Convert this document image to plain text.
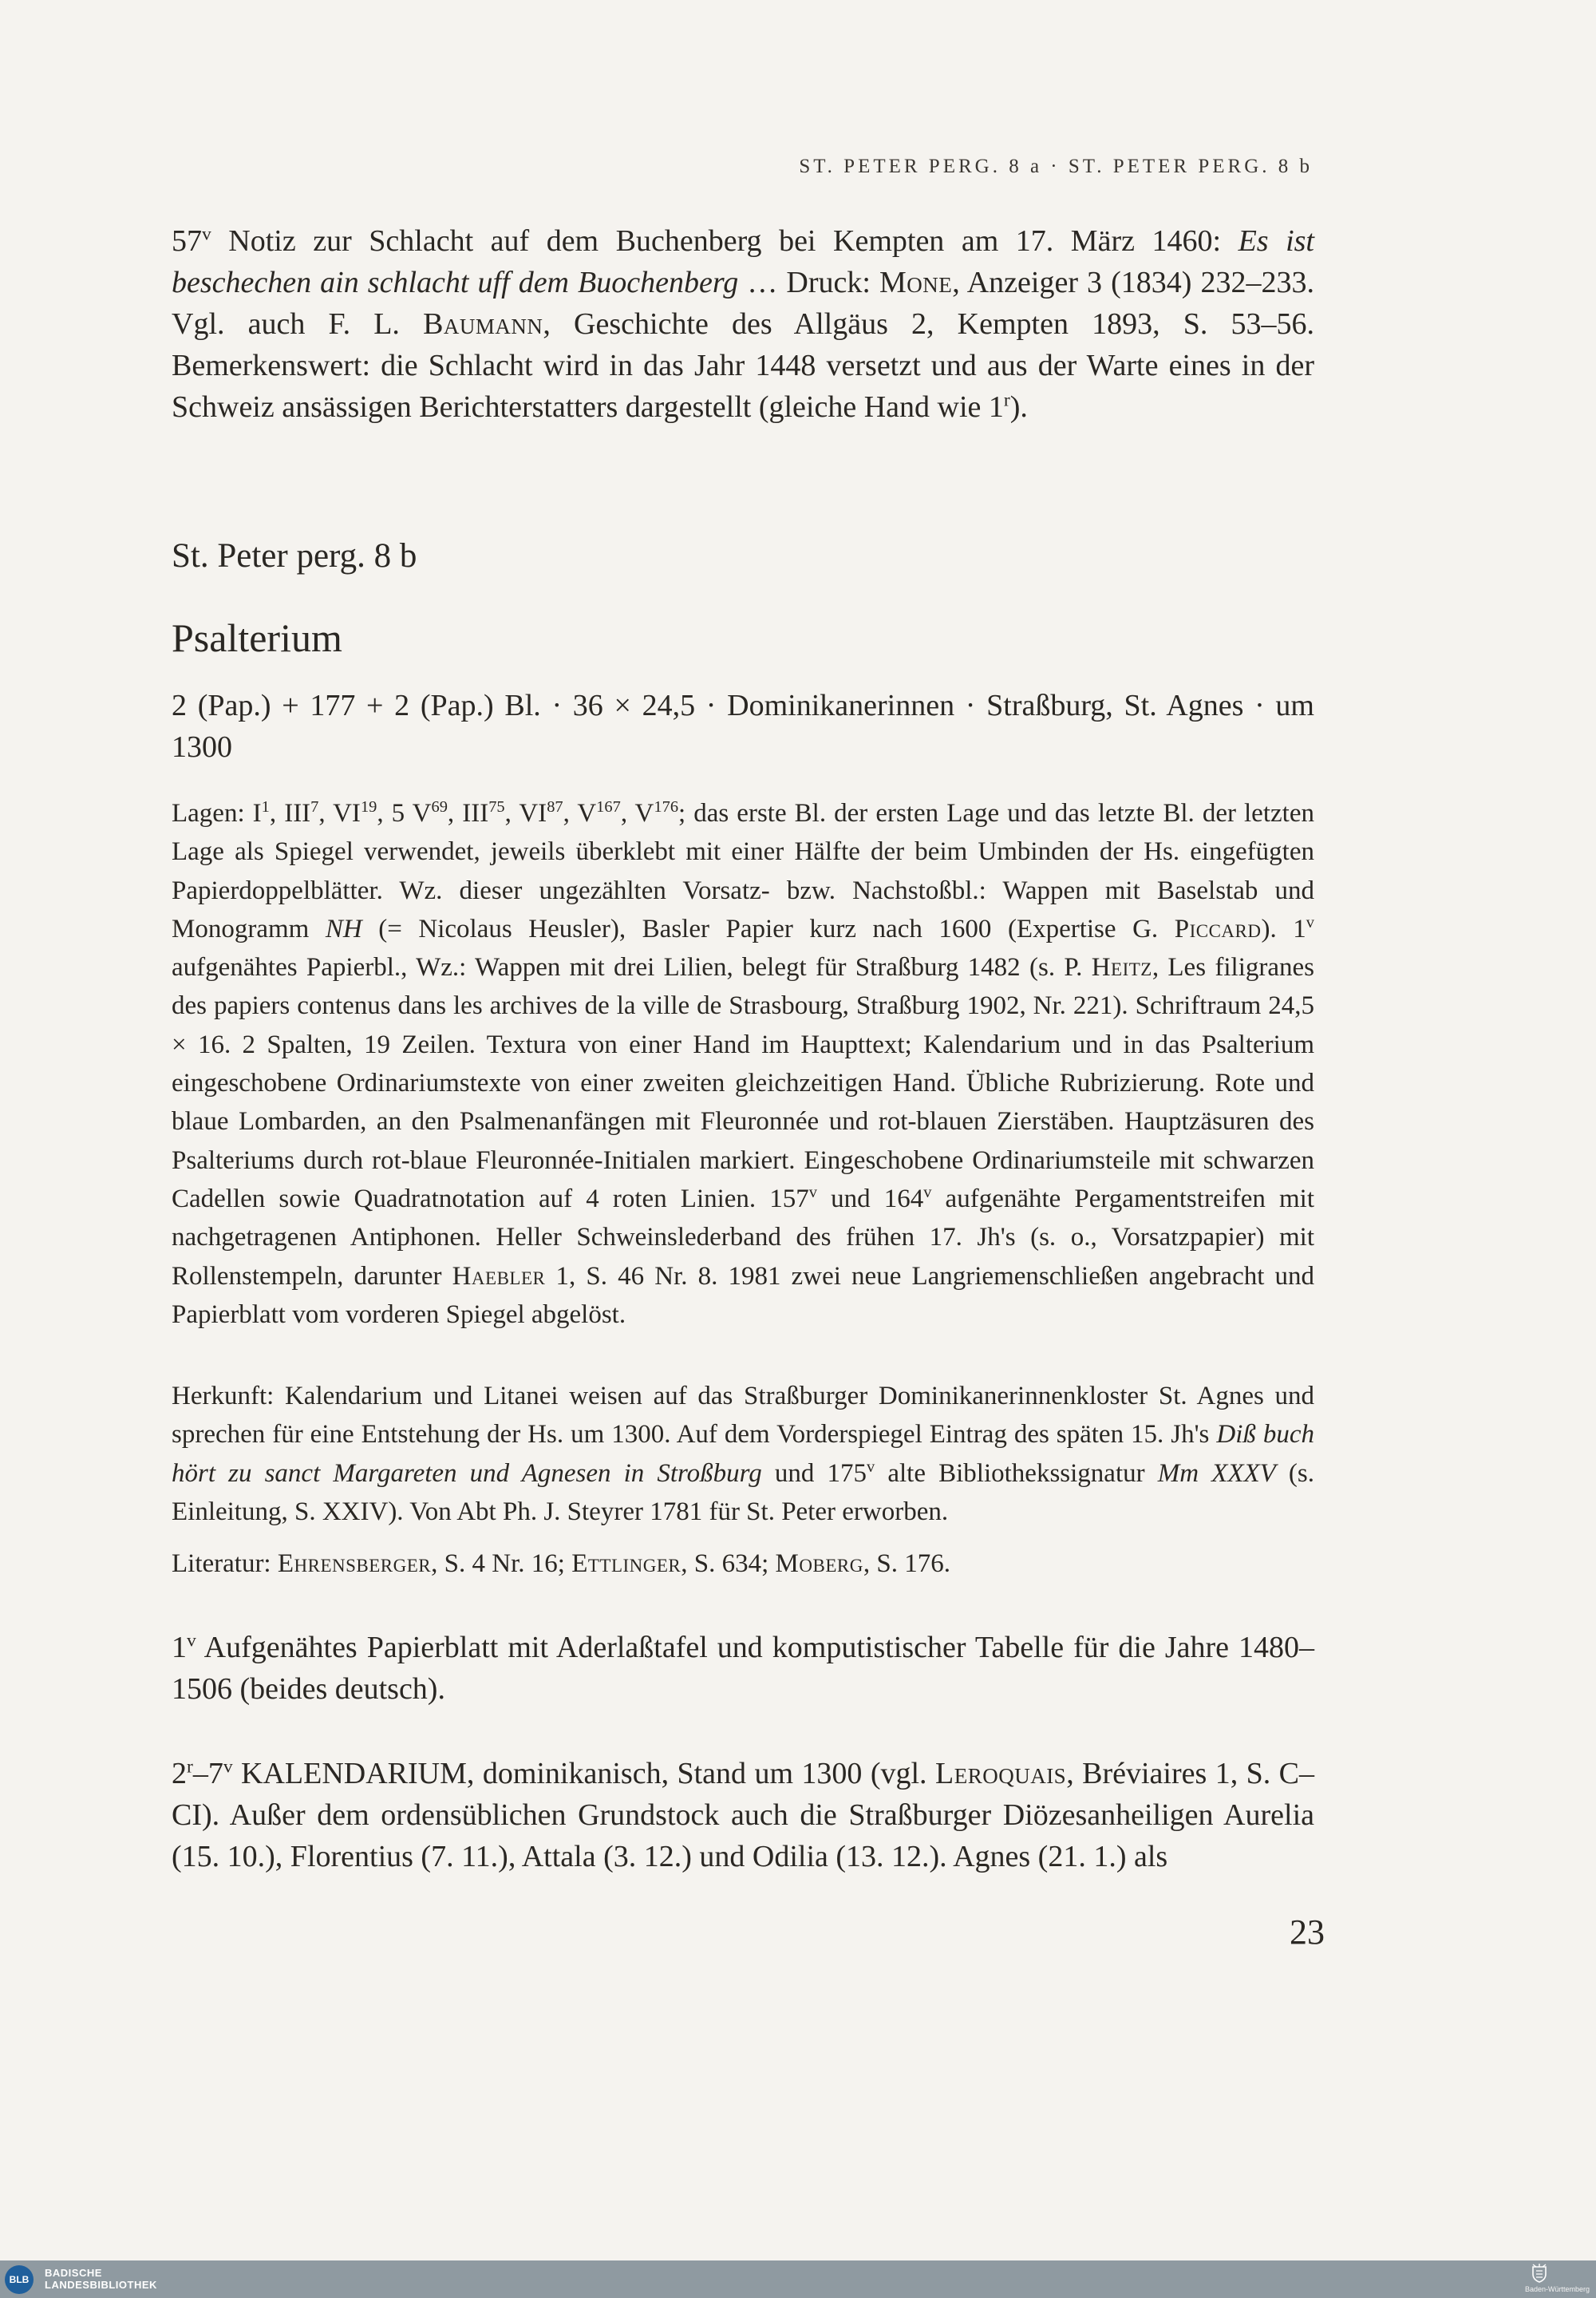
ST. PETER PERG. 8 a · ST. PETER PERG. 8 b
57$^v$ Notiz zur Schlacht auf dem Buchenberg bei Kempten am 17. März 1460: Es ist beschechen ain schlacht uff dem Buochenberg … Druck: Mone, Anzeiger 3 (1834) 232–233. Vgl. auch F. L. Baumann, Geschichte des Allgäus 2, Kempten 1893, S. 53–56. Bemerkenswert: die Schlacht wird in das Jahr 1448 versetzt und aus der Warte eines in der Schweiz ansässigen Berichterstatters dargestellt (gleiche Hand wie 1$^r$).
St. Peter perg. 8 b
Psalterium
2 (Pap.) + 177 + 2 (Pap.) Bl. · 36 × 24,5 · Dominikanerinnen · Straßburg, St. Agnes · um 1300
Lagen: $I^1$, III$^7$, VI$^{19}$, 5 $V^{69}$, III$^{75}$, VI$^{87}$, $V^{167}$, $V^{176}$; das erste Bl. der ersten Lage und das letzte Bl. der letzten Lage als Spiegel verwendet, jeweils überklebt mit einer Hälfte der beim Umbinden der Hs. eingefügten Papierdoppelblätter. Wz. dieser ungezählten Vorsatz- bzw. Nachstoßbl.: Wappen mit Baselstab und Monogramm NH (= Nicolaus Heusler), Basler Papier kurz nach 1600 (Expertise G. Piccard). 1$^v$ aufgenähtes Papierbl., Wz.: Wappen mit drei Lilien, belegt für Straßburg 1482 (s. P. Heitz, Les filigranes des papiers contenus dans les archives de la ville de Strasbourg, Straßburg 1902, Nr. 221). Schriftraum 24,5 × 16. 2 Spalten, 19 Zeilen. Textura von einer Hand im Haupttext; Kalendarium und in das Psalterium eingeschobene Ordinariumstexte von einer zweiten gleichzeitigen Hand. Übliche Rubrizierung. Rote und blaue Lombarden, an den Psalmenanfängen mit Fleuronnée und rot-blauen Zierstäben. Hauptzäsuren des Psalteriums durch rot-blaue Fleuronnée-Initialen markiert. Eingeschobene Ordinariumsteile mit schwarzen Cadellen sowie Quadratnotation auf 4 roten Linien. 157$^v$ und 164$^v$ aufgenähte Pergamentstreifen mit nachgetragenen Antiphonen. Heller Schweinslederband des frühen 17. Jh's (s. o., Vorsatzpapier) mit Rollenstempeln, darunter Haebler 1, S. 46 Nr. 8. 1981 zwei neue Langriemenschließen angebracht und Papierblatt vom vorderen Spiegel abgelöst.
Herkunft: Kalendarium und Litanei weisen auf das Straßburger Dominikanerinnenkloster St. Agnes und sprechen für eine Entstehung der Hs. um 1300. Auf dem Vorderspiegel Eintrag des späten 15. Jh's Diß buch hört zu sanct Margareten und Agnesen in Stroßburg und 175$^v$ alte Bibliothekssignatur Mm XXXV (s. Einleitung, S. XXIV). Von Abt Ph. J. Steyrer 1781 für St. Peter erworben.
Literatur: Ehrensberger, S. 4 Nr. 16; Ettlinger, S. 634; Moberg, S. 176.
1$^v$ Aufgenähtes Papierblatt mit Aderlaßtafel und komputistischer Tabelle für die Jahre 1480–1506 (beides deutsch).
2$^r$–7$^v$ KALENDARIUM, dominikanisch, Stand um 1300 (vgl. Leroquais, Bréviaires 1, S. C–CI). Außer dem ordensüblichen Grundstock auch die Straßburger Diözesanheiligen Aurelia (15. 10.), Florentius (7. 11.), Attala (3. 12.) und Odilia (13. 12.). Agnes (21. 1.) als
23
BLB
BADISCHE
LANDESBIBLIOTHEK	Baden-Württemberg
